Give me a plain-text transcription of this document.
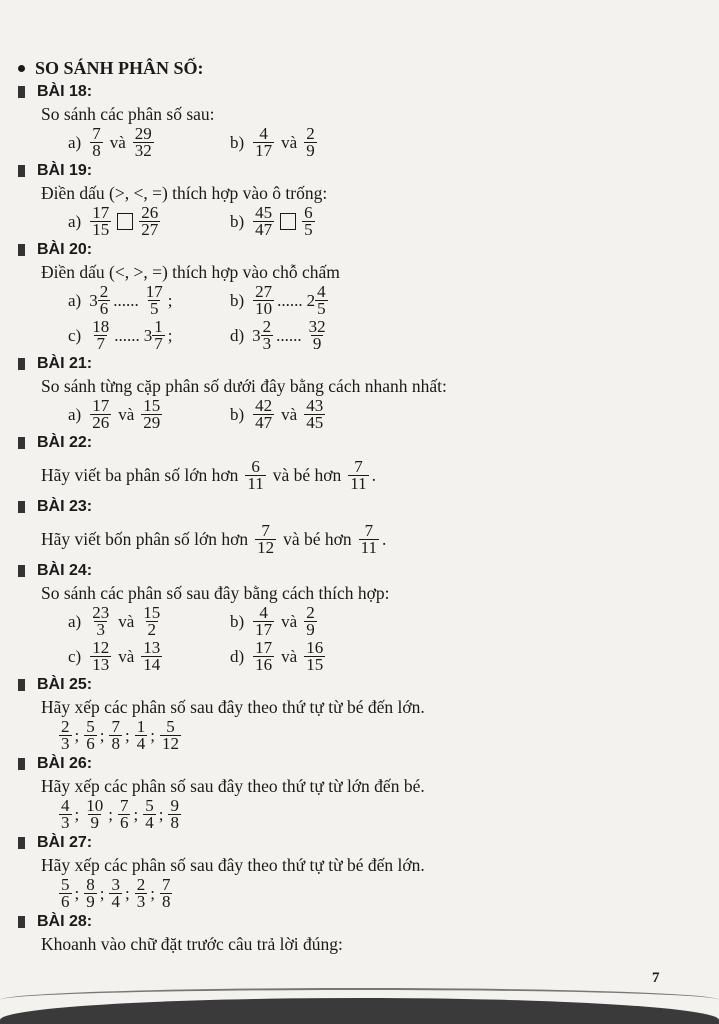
SO SÁNH PHÂN SỐ:
BÀI 18:
So sánh các phân số sau:
$a) \frac{7}{8}$ và $\frac{29}{32}$	$b) \frac{4}{17}$ và $\frac{2}{9}$
BÀI 19:
Điền dấu (>, <, =) thích hợp vào ô trống:
$a) \frac{17}{15} \frac{26}{27}$	$b) \frac{45}{47} \frac{6}{5}$
BÀI 20:
Điền dấu (<, >, =) thích hợp vào chỗ chấm
a) $3 \frac{2}{6}$ ...... $\frac{17}{5}$ ;	$b) \frac{27}{10}$ ...... $2 \frac{4}{5}$
$c) \frac{18}{7}$ ...... $3 \frac{1}{7}$ ;	d) $3 \frac{2}{3}$ ...... $\frac{32}{9}$
BÀI 21:
So sánh từng cặp phân số dưới đây bằng cách nhanh nhất:
$a) \frac{17}{26}$ và $\frac{15}{29}$	$b) \frac{42}{47}$ và $\frac{43}{45}$
BÀI 22:
Hãy viết ba phân số lớn hơn $\frac{6}{11}$ và bé hơn $\frac{7}{11}$ .
BÀI 23:
Hãy viết bốn phân số lớn hơn $\frac{7}{12}$ và bé hơn $\frac{7}{11}$ .
BÀI 24:
So sánh các phân số sau đây bằng cách thích hợp:
$a) \frac{23}{3}$ và $\frac{15}{2}$	$b) \frac{4}{17}$ và $\frac{2}{9}$
$c) \frac{12}{13}$ và $\frac{13}{14}$	$d) \frac{17}{16}$ và $\frac{16}{15}$
BÀI 25:
Hãy xếp các phân số sau đây theo thứ tự từ bé đến lớn.
$\frac{2}{3}$ ; $\frac{5}{6}$ ; $\frac{7}{8}$ ; $\frac{1}{4}$ ; $\frac{5}{12}$
BÀI 26:
Hãy xếp các phân số sau đây theo thứ tự từ lớn đến bé.
$\frac{4}{3}$ ; $\frac{10}{9}$ ; $\frac{7}{6}$ ; $\frac{5}{4}$ ; $\frac{9}{8}$
BÀI 27:
Hãy xếp các phân số sau đây theo thứ tự từ bé đến lớn.
$\frac{5}{6}$ ; $\frac{8}{9}$ ; $\frac{3}{4}$ ; $\frac{2}{3}$ ; $\frac{7}{8}$
BÀI 28:
Khoanh vào chữ đặt trước câu trả lời đúng:
7
